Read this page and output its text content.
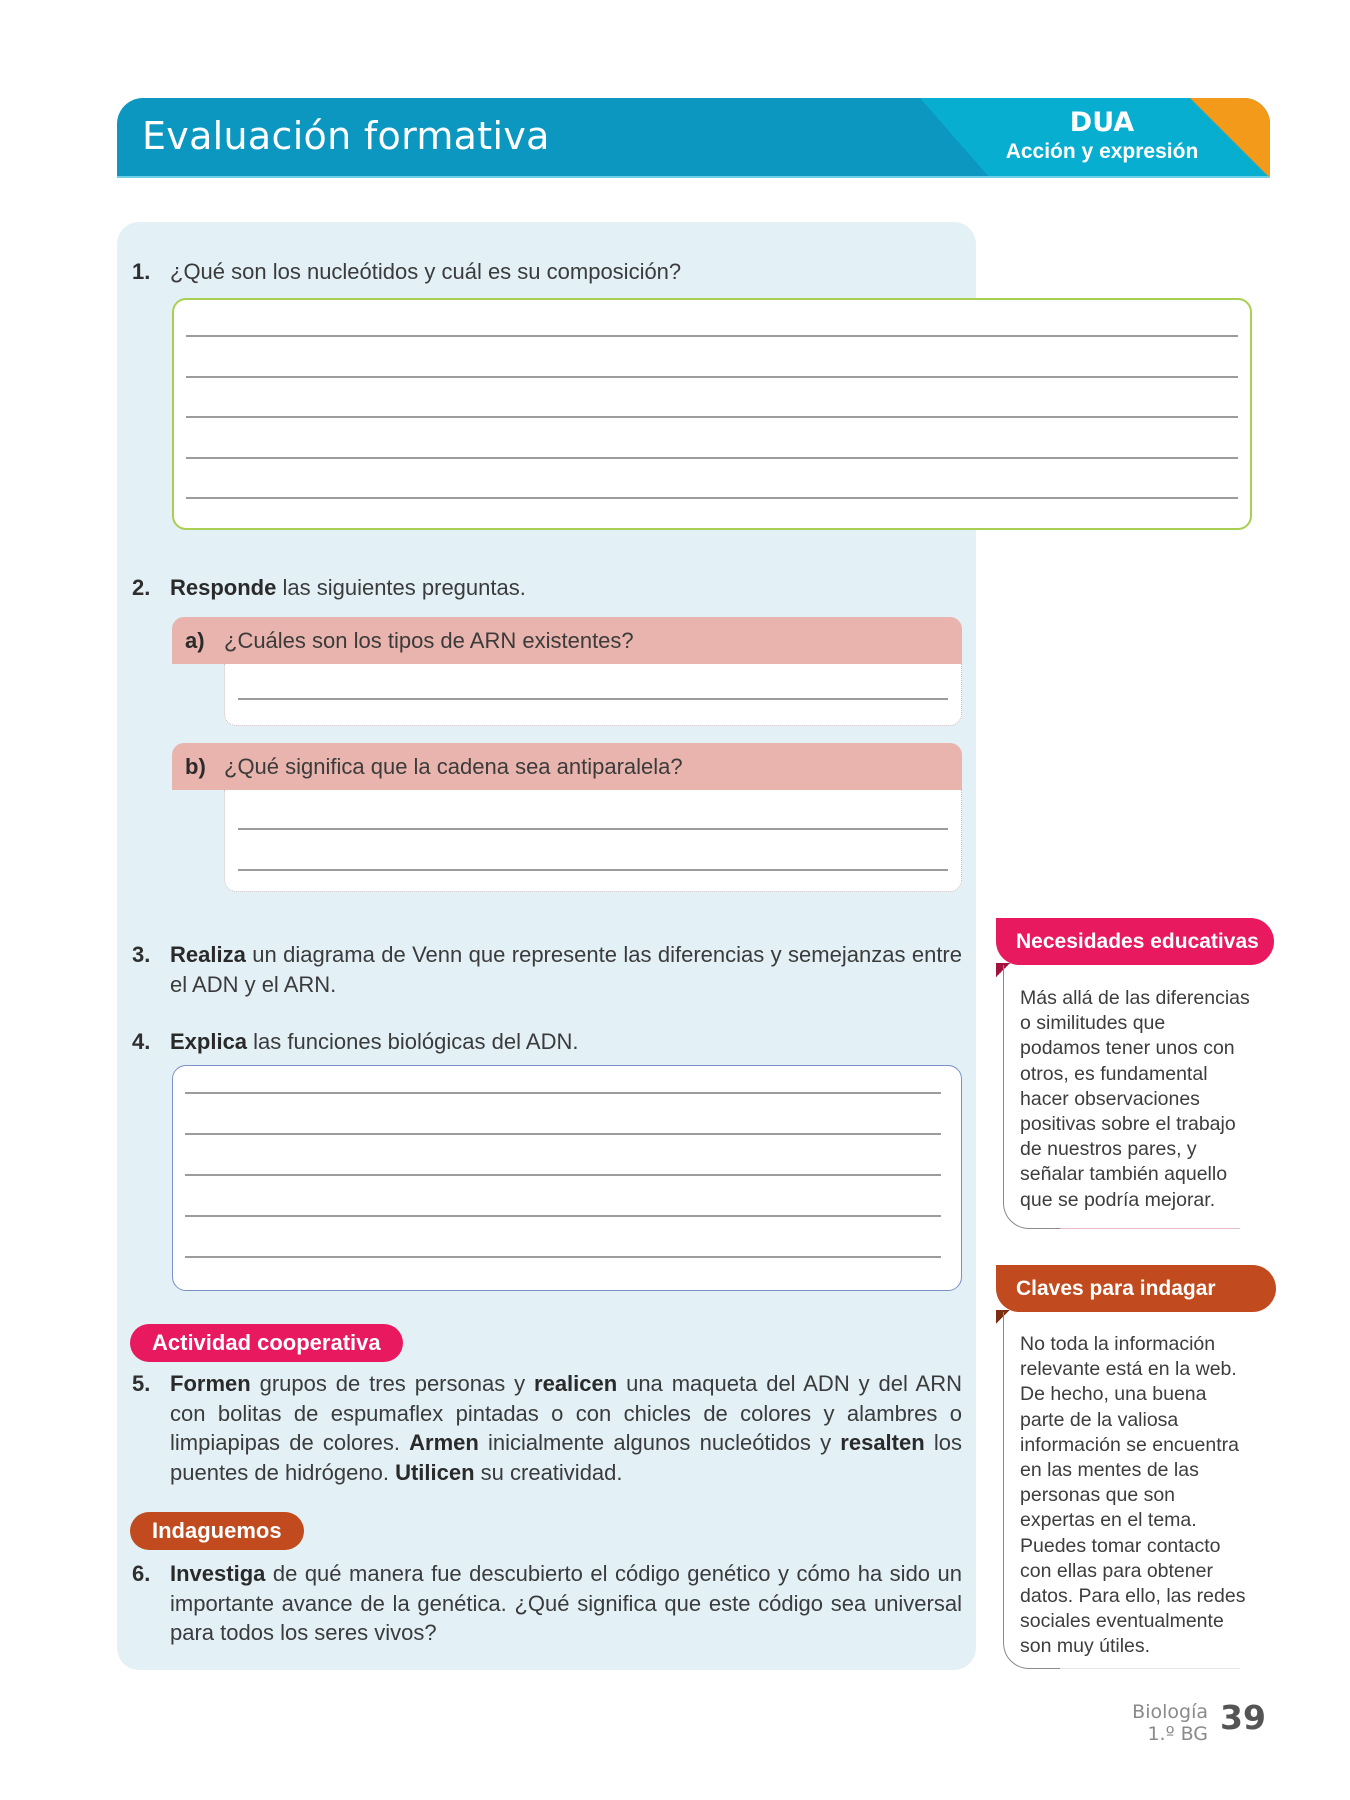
Evaluación formativa	DUA
Acción y expresión
1. ¿Qué son los nucleótidos y cuál es su composición?
2. Responde las siguientes preguntas.
a) ¿Cuáles son los tipos de ARN existentes?
b) ¿Qué significa que la cadena sea antiparalela?
3. Realiza un diagrama de Venn que represente las diferencias y semejanzas entre el ADN y el ARN.
4. Explica las funciones biológicas del ADN.
Actividad cooperativa
5. Formen grupos de tres personas y realicen una maqueta del ADN y del ARN con bolitas de espumaflex pintadas o con chicles de colores y alambres o limpiapipas de colores. Armen inicialmente algunos nucleótidos y resalten los puentes de hidrógeno. Utilicen su creatividad.
Indaguemos
6. Investiga de qué manera fue descubierto el código genético y cómo ha sido un importante avance de la genética. ¿Qué significa que este código sea universal para todos los seres vivos?
Necesidades educativas
Más allá de las diferencias
o similitudes que
podamos tener unos con
otros, es fundamental
hacer observaciones
positivas sobre el trabajo
de nuestros pares, y
señalar también aquello
que se podría mejorar.
Claves para indagar
No toda la información
relevante está en la web.
De hecho, una buena
parte de la valiosa
información se encuentra
en las mentes de las
personas que son
expertas en el tema.
Puedes tomar contacto
con ellas para obtener
datos. Para ello, las redes
sociales eventualmente
son muy útiles.
Biología
1.º BG 39
